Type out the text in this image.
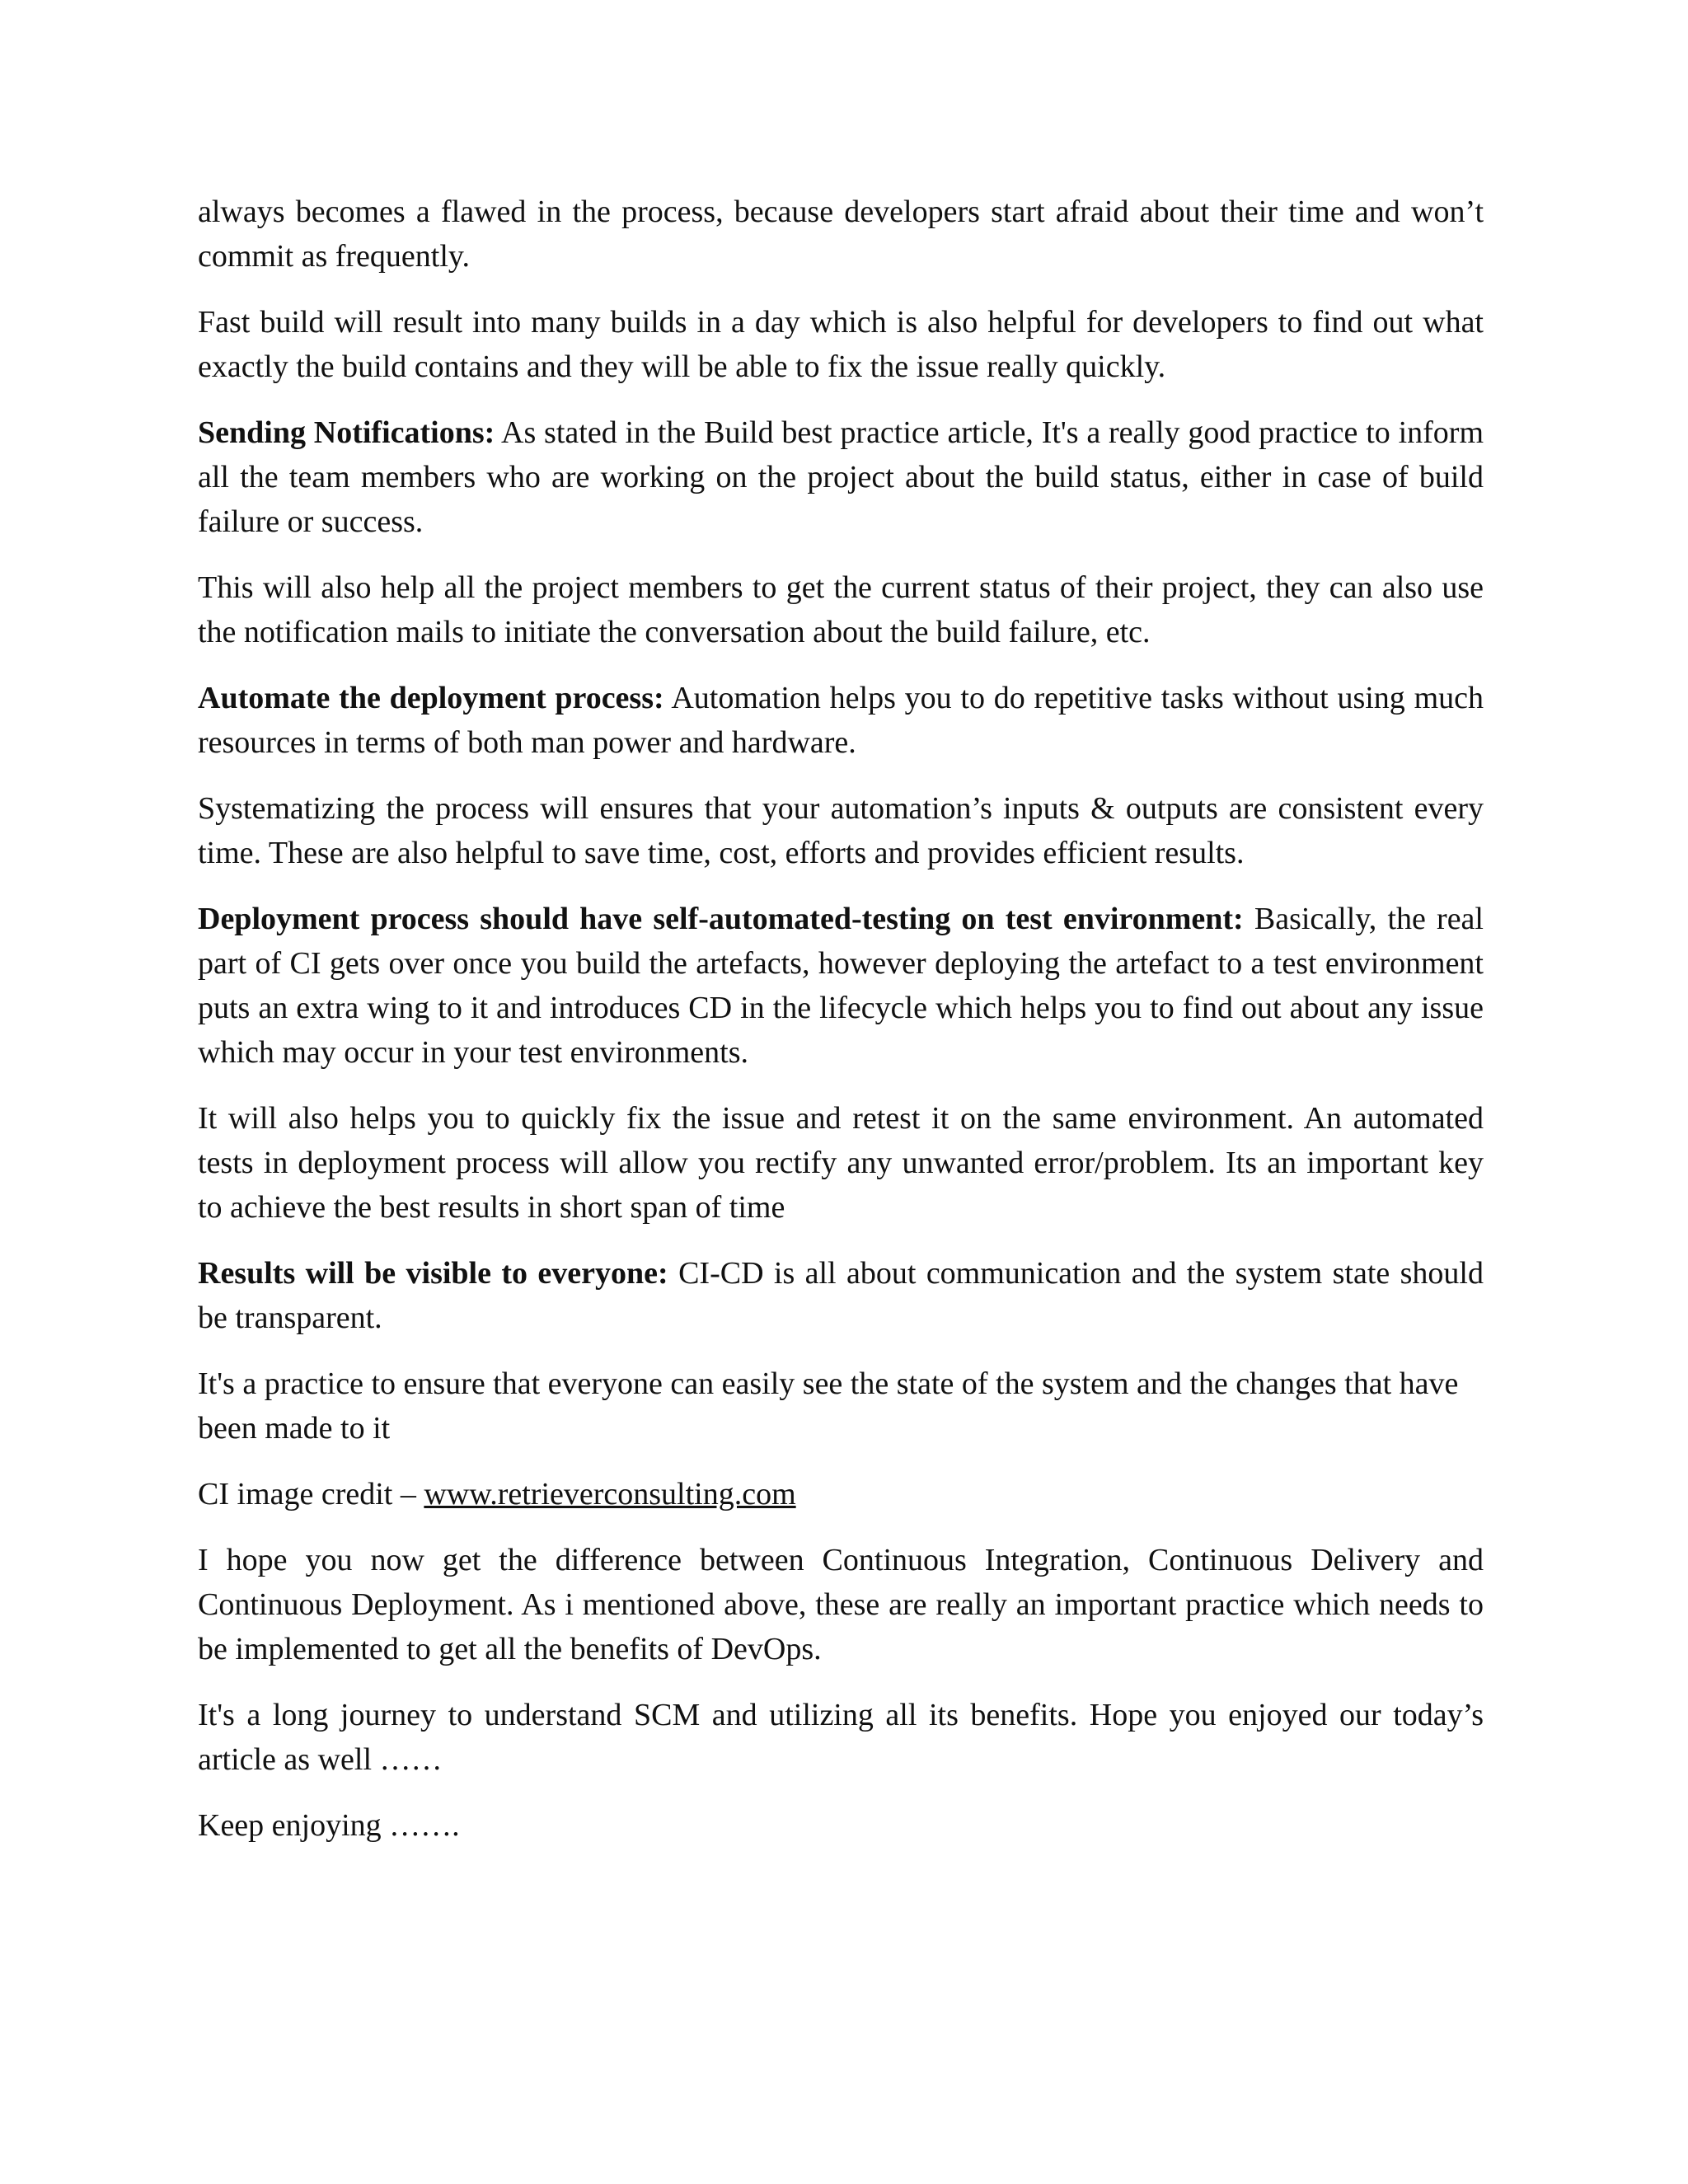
always becomes a flawed in the process, because developers start afraid about their time and won’t commit as frequently.

Fast build will result into many builds in a day which is also helpful for developers to find out what exactly the build contains and they will be able to fix the issue really quickly.

Sending Notifications: As stated in the Build best practice article, It's a really good practice to inform all the team members who are working on the project about the build status, either in case of build failure or success.

This will also help all the project members to get the current status of their project, they can also use the notification mails to initiate the conversation about the build failure, etc.

Automate the deployment process: Automation helps you to do repetitive tasks without using much resources in terms of both man power and hardware.

Systematizing the process will ensures that your automation’s inputs & outputs are consistent every time. These are also helpful to save time, cost, efforts and provides efficient results.

Deployment process should have self-automated-testing on test environment: Basically, the real part of CI gets over once you build the artefacts, however deploying the artefact to a test environment puts an extra wing to it and introduces CD in the lifecycle which helps you to find out about any issue which may occur in your test environments.

It will also helps you to quickly fix the issue and retest it on the same environment. An automated tests in deployment process will allow you rectify any unwanted error/problem. Its an important key to achieve the best results in short span of time

Results will be visible to everyone: CI-CD is all about communication and the system state should be transparent.

It's a practice to ensure that everyone can easily see the state of the system and the changes that have been made to it

CI image credit – www.retrieverconsulting.com

I hope you now get the difference between Continuous Integration, Continuous Delivery and Continuous Deployment. As i mentioned above, these are really an important practice which needs to be implemented to get all the benefits of DevOps.

It's a long journey to understand SCM and utilizing all its benefits. Hope you enjoyed our today’s article as well ……

Keep enjoying …….
